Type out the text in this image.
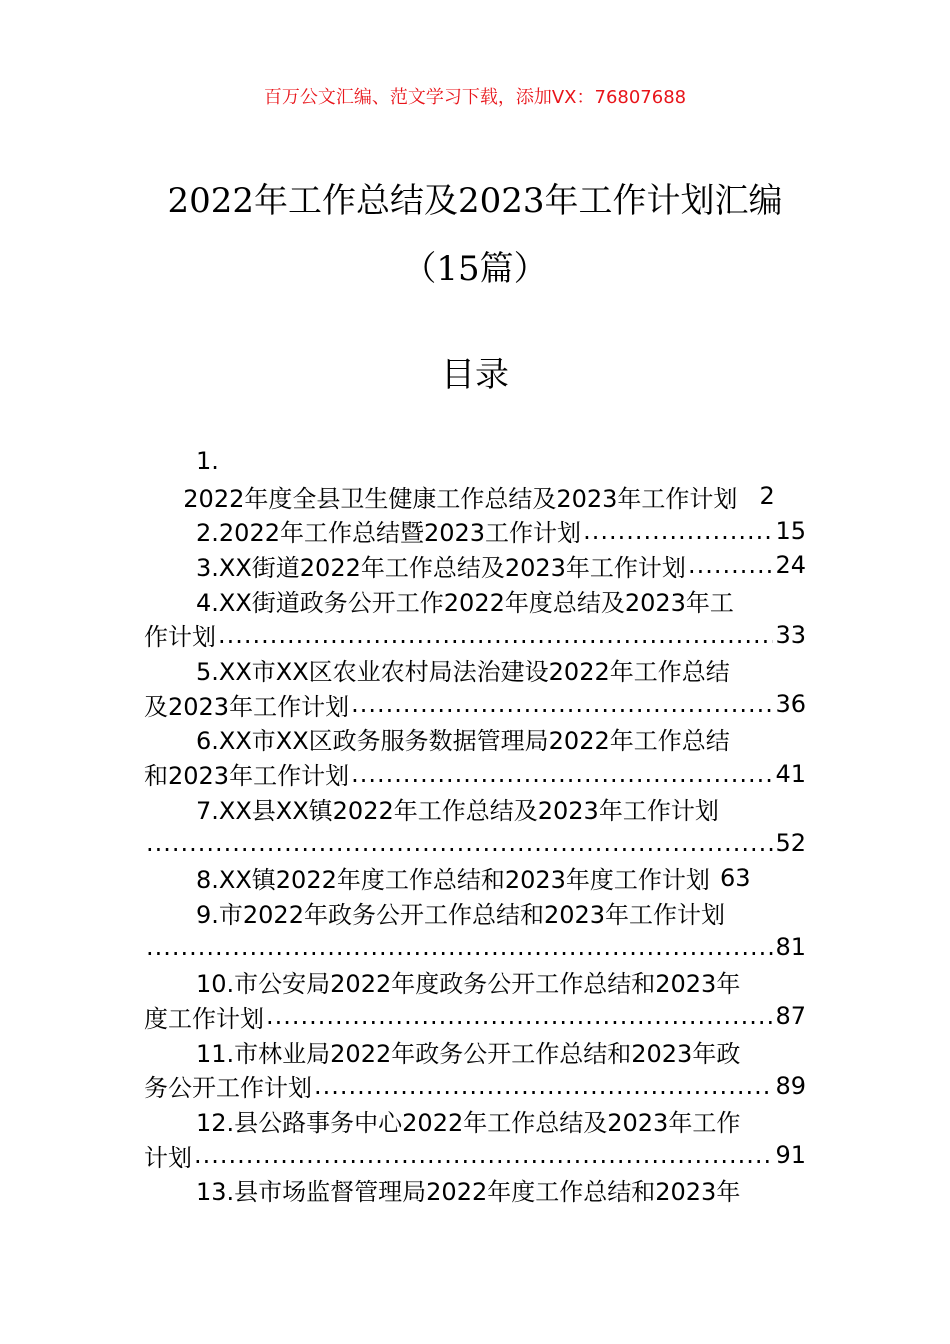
百万公文汇编、范文学习下载，添加VX：76807688
2022年工作总结及2023年工作计划汇编
（15篇）
目录
1.
2022年度全县卫生健康工作总结及2023年工作计划 2
2.2022年工作总结暨2023工作计划 .....	15
3.XX街道2022年工作总结及2023年工作计划 .....	24
4.XX街道政务公开工作2022年度总结及2023年工
作计划 .....	33
5.XX市XX区农业农村局法治建设2022年工作总结
及2023年工作计划 .....	36
6.XX市XX区政务服务数据管理局2022年工作总结
和2023年工作计划 .....	41
7.XX县XX镇2022年工作总结及2023年工作计划
.....
52
8.XX镇2022年度工作总结和2023年度工作计划 63
9.市2022年政务公开工作总结和2023年工作计划
.....
81
10.市公安局2022年度政务公开工作总结和2023年
度工作计划 .....	87
11.市林业局2022年政务公开工作总结和2023年政
务公开工作计划 .....	89
12.县公路事务中心2022年工作总结及2023年工作
计划 .....	91
13.县市场监督管理局2022年度工作总结和2023年
